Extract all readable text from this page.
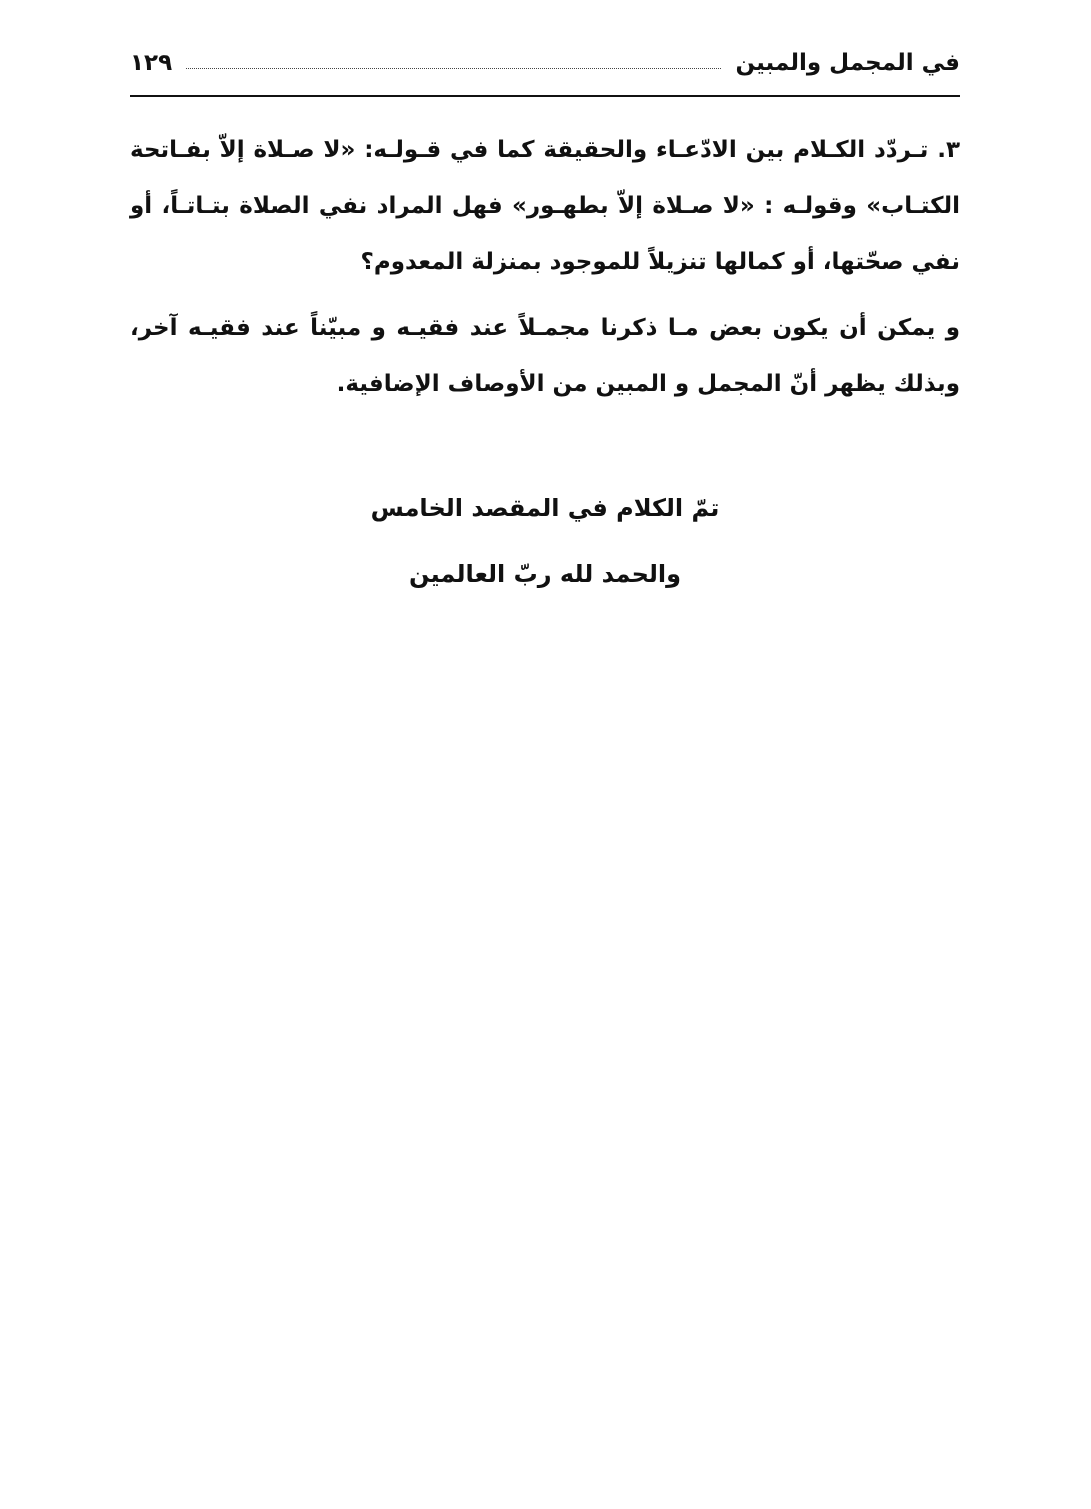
في المجمل والمبين
١٢٩

٣. تـردّد الكـلام بين الادّعـاء والحقيقة كما في قـولـه: «لا صـلاة إلاّ بفـاتحة الكتـاب» وقولـه : «لا صـلاة إلاّ بطهـور» فهل المراد نفي الصلاة بتـاتـاً، أو نفي صحّتها، أو كمالها تنزيلاً للموجود بمنزلة المعدوم؟

و يمكن أن يكون بعض مـا ذكرنا مجمـلاً عند فقيـه و مبيّناً عند فقيـه آخر، وبذلك يظهر أنّ المجمل و المبين من الأوصاف الإضافية.

تمّ الكلام في المقصد الخامس
والحمد لله ربّ العالمين
